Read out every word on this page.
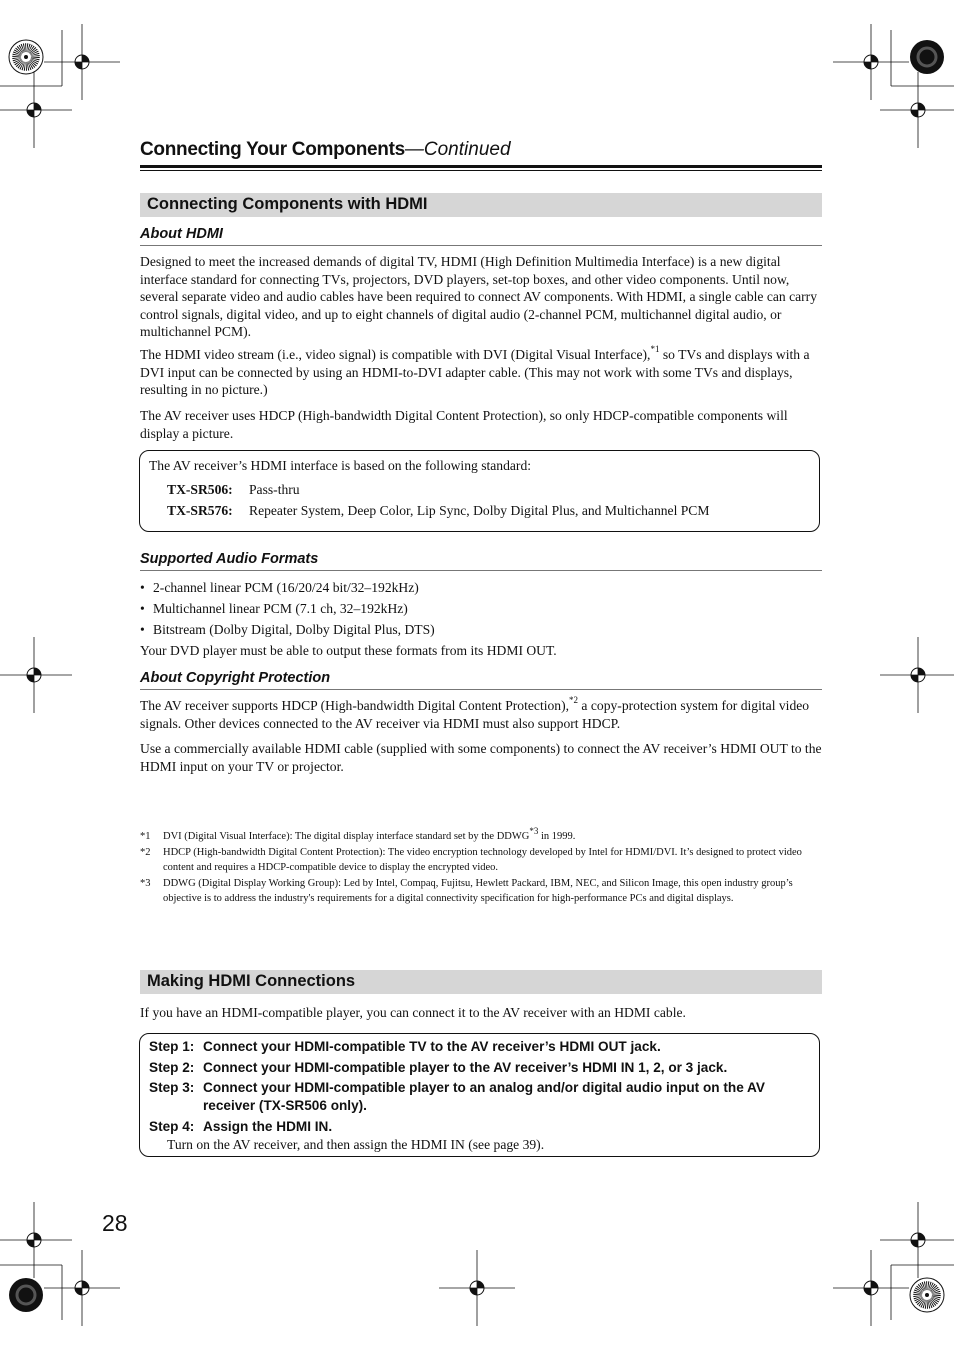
Connecting Your Components—Continued
Connecting Components with HDMI
About HDMI

Designed to meet the increased demands of digital TV, HDMI (High Definition Multimedia Interface) is a new digital interface standard for connecting TVs, projectors, DVD players, set-top boxes, and other video components. Until now, several separate video and audio cables have been required to connect AV components. With HDMI, a single cable can carry control signals, digital video, and up to eight channels of digital audio (2-channel PCM, multichannel digital audio, or multichannel PCM).

The HDMI video stream (i.e., video signal) is compatible with DVI (Digital Visual Interface),$^{*1}$ so TVs and displays with a DVI input can be connected by using an HDMI-to-DVI adapter cable. (This may not work with some TVs and displays, resulting in no picture.)

The AV receiver uses HDCP (High-bandwidth Digital Content Protection), so only HDCP-compatible components will display a picture.

The AV receiver’s HDMI interface is based on the following standard:
TX-SR506: Pass-thru
TX-SR576: Repeater System, Deep Color, Lip Sync, Dolby Digital Plus, and Multichannel PCM
Supported Audio Formats
• 2-channel linear PCM (16/20/24 bit/32–192kHz)
• Multichannel linear PCM (7.1 ch, 32–192kHz)
• Bitstream (Dolby Digital, Dolby Digital Plus, DTS)

Your DVD player must be able to output these formats from its HDMI OUT.

About Copyright Protection

The AV receiver supports HDCP (High-bandwidth Digital Content Protection),$^{*2}$ a copy-protection system for digital video signals. Other devices connected to the AV receiver via HDMI must also support HDCP.

Use a commercially available HDMI cable (supplied with some components) to connect the AV receiver’s HDMI OUT to the HDMI input on your TV or projector.

*1 DVI (Digital Visual Interface): The digital display interface standard set by the DDWG$^{*3}$ in 1999.
*2 HDCP (High-bandwidth Digital Content Protection): The video encryption technology developed by Intel for HDMI/DVI. It’s designed to protect video content and requires a HDCP-compatible device to display the encrypted video.
*3 DDWG (Digital Display Working Group): Led by Intel, Compaq, Fujitsu, Hewlett Packard, IBM, NEC, and Silicon Image, this open industry group’s objective is to address the industry's requirements for a digital connectivity specification for high-performance PCs and digital displays.
Making HDMI Connections

If you have an HDMI-compatible player, you can connect it to the AV receiver with an HDMI cable.

Step 1: Connect your HDMI-compatible TV to the AV receiver’s HDMI OUT jack.
Step 2: Connect your HDMI-compatible player to the AV receiver’s HDMI IN 1, 2, or 3 jack.
Step 3: Connect your HDMI-compatible player to an analog and/or digital audio input on the AV receiver (TX-SR506 only).
Step 4: Assign the HDMI IN.
Turn on the AV receiver, and then assign the HDMI IN (see page 39).
28
